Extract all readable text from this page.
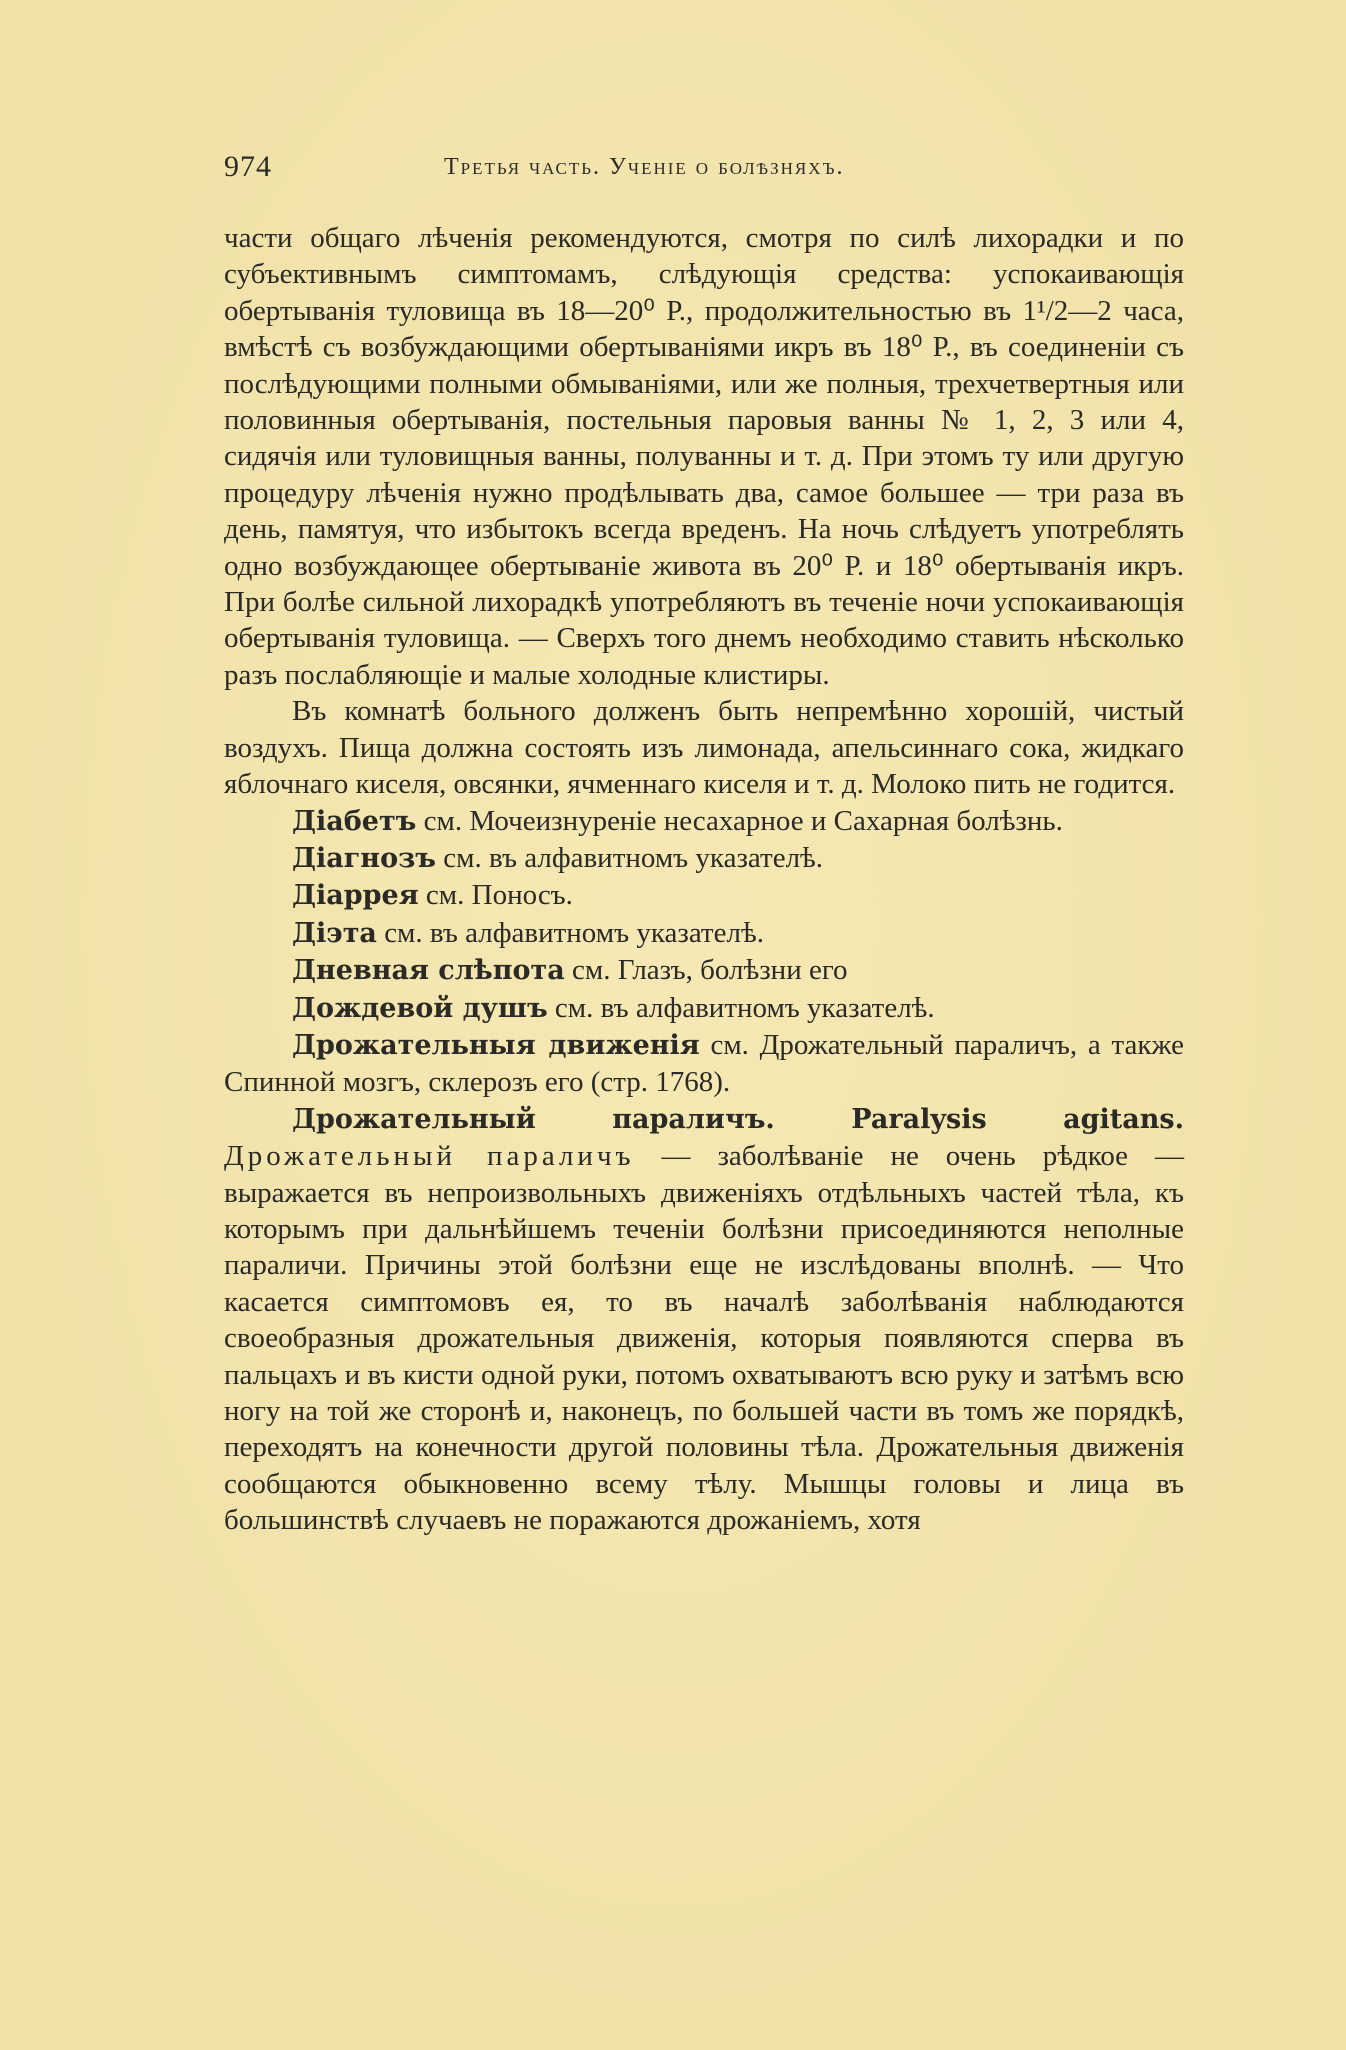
974	Третья часть. Ученіе о болѣзняхъ.

части общаго лѣченія рекомендуются, смотря по силѣ лихорадки и по субъективнымъ симптомамъ, слѣдующія средства: успокаивающія обертыванія туловища въ 18—20⁰ Р., продолжительностью въ 1¹/2—2 часа, вмѣстѣ съ возбуждающими обертываніями икръ въ 18⁰ Р., въ соединеніи съ послѣдующими полными обмываніями, или же полныя, трехчетвертныя или половинныя обертыванія, постельныя паровыя ванны № 1, 2, 3 или 4, сидячія или туловищныя ванны, полуванны и т. д. При этомъ ту или другую процедуру лѣченія нужно продѣлывать два, самое большее — три раза въ день, памятуя, что избытокъ всегда вреденъ. На ночь слѣдуетъ употреблять одно возбуждающее обертываніе живота въ 20⁰ Р. и 18⁰ обертыванія икръ. При болѣе сильной лихорадкѣ употребляютъ въ теченіе ночи успокаивающія обертыванія туловища. — Сверхъ того днемъ необходимо ставить нѣсколько разъ послабляющіе и малые холодные клистиры.

Въ комнатѣ больного долженъ быть непремѣнно хорошій, чистый воздухъ. Пища должна состоять изъ лимонада, апельсиннаго сока, жидкаго яблочнаго киселя, овсянки, ячменнаго киселя и т. д. Молоко пить не годится.

Діабетъ см. Мочеизнуреніе несахарное и Сахарная болѣзнь.

Діагнозъ см. въ алфавитномъ указателѣ.

Діаррея см. Поносъ.

Діэта см. въ алфавитномъ указателѣ.

Дневная слѣпота см. Глазъ, болѣзни его

Дождевой душъ см. въ алфавитномъ указателѣ.

Дрожательныя движенія см. Дрожательный параличъ, а также Спинной мозгъ, склерозъ его (стр. 1768).

Дрожательный параличъ. Paralysis agitans. Дрожательный параличъ — заболѣваніе не очень рѣдкое — выражается въ непроизвольныхъ движеніяхъ отдѣльныхъ частей тѣла, къ которымъ при дальнѣйшемъ теченіи болѣзни присоединяются неполные параличи. Причины этой болѣзни еще не изслѣдованы вполнѣ. — Что касается симптомовъ ея, то въ началѣ заболѣванія наблюдаются своеобразныя дрожательныя движенія, которыя появляются сперва въ пальцахъ и въ кисти одной руки, потомъ охватываютъ всю руку и затѣмъ всю ногу на той же сторонѣ и, наконецъ, по большей части въ томъ же порядкѣ, переходятъ на конечности другой половины тѣла. Дрожательныя движенія сообщаются обыкновенно всему тѣлу. Мышцы головы и лица въ большинствѣ случаевъ не поражаются дрожаніемъ, хотя
